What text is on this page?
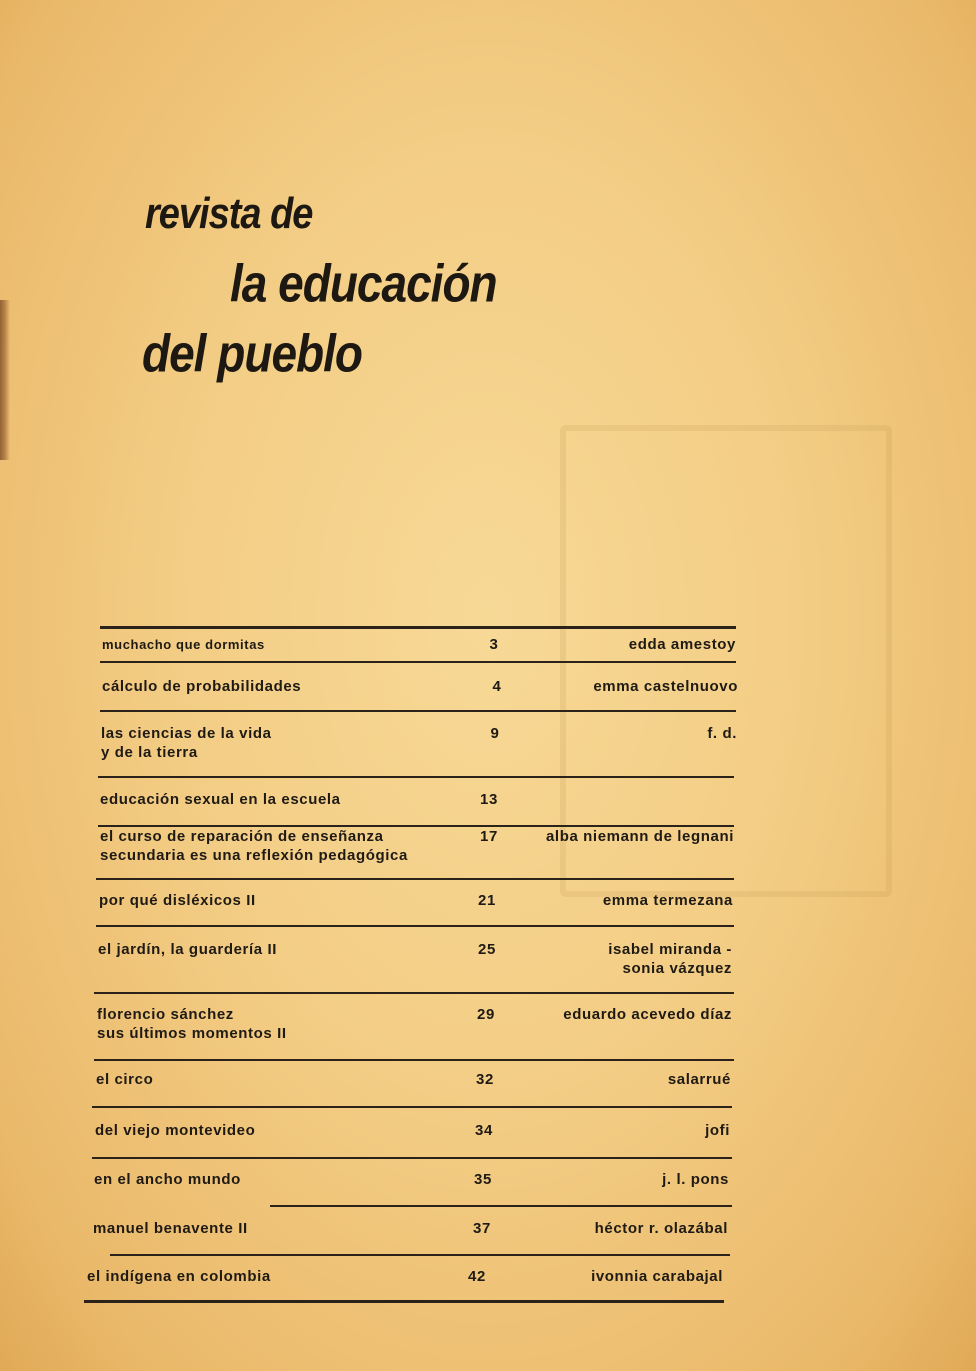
revista de
la educación
del pueblo
muchacho que dormitas	3	edda amestoy
cálculo de probabilidades	4	emma castelnuovo
las ciencias de la vida
y de la tierra
9	f. d.
educación sexual en la escuela	13
el curso de reparación de enseñanza
secundaria es una reflexión pedagógica
17	alba niemann de legnani
por qué disléxicos II	21	emma termezana
el jardín, la guardería II	25	isabel miranda -
sonia vázquez
florencio sánchez
sus últimos momentos II
29	eduardo acevedo díaz
el circo	32	salarrué
del viejo montevideo	34	jofi
en el ancho mundo	35	j. l. pons
manuel benavente II	37	héctor r. olazábal
el indígena en colombia	42	ivonnia carabajal
